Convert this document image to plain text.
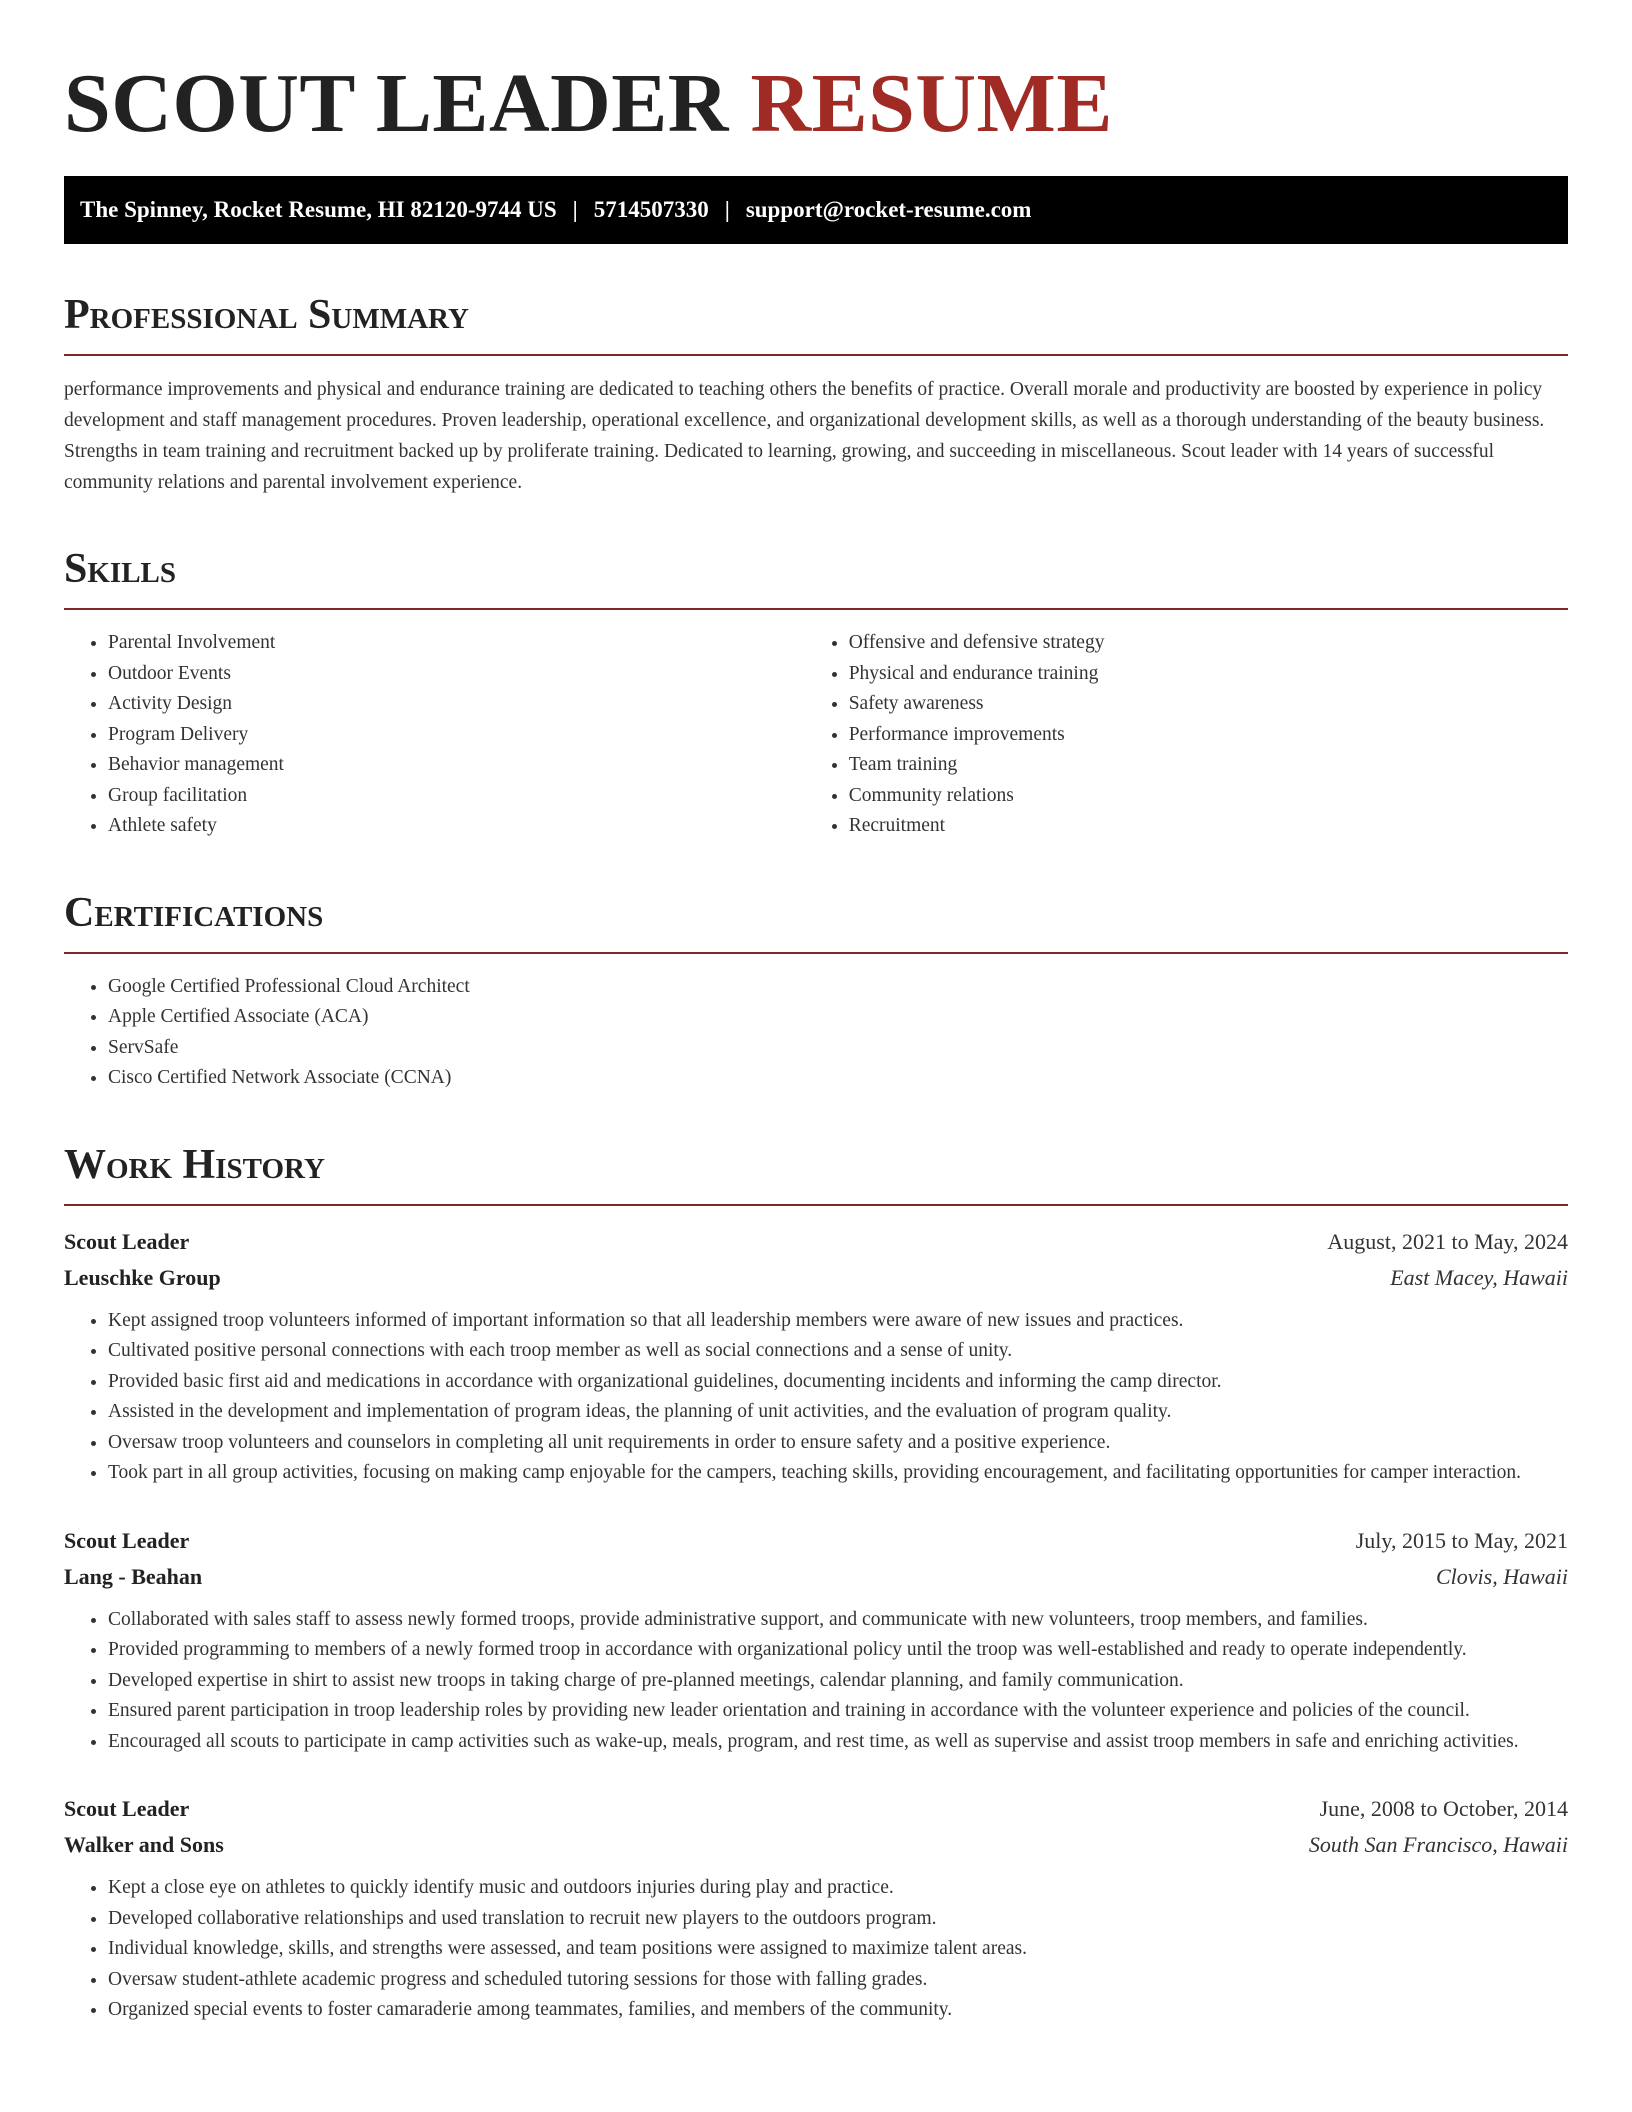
SCOUT LEADER RESUME
The Spinney, Rocket Resume, HI 82120-9744 US | 5714507330 | support@rocket-resume.com
Professional Summary

performance improvements and physical and endurance training are dedicated to teaching others the benefits of practice. Overall morale and productivity are boosted by experience in policy development and staff management procedures. Proven leadership, operational excellence, and organizational development skills, as well as a thorough understanding of the beauty business. Strengths in team training and recruitment backed up by proliferate training. Dedicated to learning, growing, and succeeding in miscellaneous. Scout leader with 14 years of successful community relations and parental involvement experience.

Skills
• Parental Involvement
• Outdoor Events
• Activity Design
• Program Delivery
• Behavior management
• Group facilitation
• Athlete safety
• Offensive and defensive strategy
• Physical and endurance training
• Safety awareness
• Performance improvements
• Team training
• Community relations
• Recruitment
Certifications
• Google Certified Professional Cloud Architect
• Apple Certified Associate (ACA)
• ServSafe
• Cisco Certified Network Associate (CCNA)
Work History
Scout Leader	August, 2021 to May, 2024
Leuschke Group	East Macey, Hawaii
• Kept assigned troop volunteers informed of important information so that all leadership members were aware of new issues and practices.
• Cultivated positive personal connections with each troop member as well as social connections and a sense of unity.
• Provided basic first aid and medications in accordance with organizational guidelines, documenting incidents and informing the camp director.
• Assisted in the development and implementation of program ideas, the planning of unit activities, and the evaluation of program quality.
• Oversaw troop volunteers and counselors in completing all unit requirements in order to ensure safety and a positive experience.
• Took part in all group activities, focusing on making camp enjoyable for the campers, teaching skills, providing encouragement, and facilitating opportunities for camper interaction.
Scout Leader	July, 2015 to May, 2021
Lang - Beahan	Clovis, Hawaii
• Collaborated with sales staff to assess newly formed troops, provide administrative support, and communicate with new volunteers, troop members, and families.
• Provided programming to members of a newly formed troop in accordance with organizational policy until the troop was well-established and ready to operate independently.
• Developed expertise in shirt to assist new troops in taking charge of pre-planned meetings, calendar planning, and family communication.
• Ensured parent participation in troop leadership roles by providing new leader orientation and training in accordance with the volunteer experience and policies of the council.
• Encouraged all scouts to participate in camp activities such as wake-up, meals, program, and rest time, as well as supervise and assist troop members in safe and enriching activities.
Scout Leader	June, 2008 to October, 2014
Walker and Sons	South San Francisco, Hawaii
• Kept a close eye on athletes to quickly identify music and outdoors injuries during play and practice.
• Developed collaborative relationships and used translation to recruit new players to the outdoors program.
• Individual knowledge, skills, and strengths were assessed, and team positions were assigned to maximize talent areas.
• Oversaw student-athlete academic progress and scheduled tutoring sessions for those with falling grades.
• Organized special events to foster camaraderie among teammates, families, and members of the community.
